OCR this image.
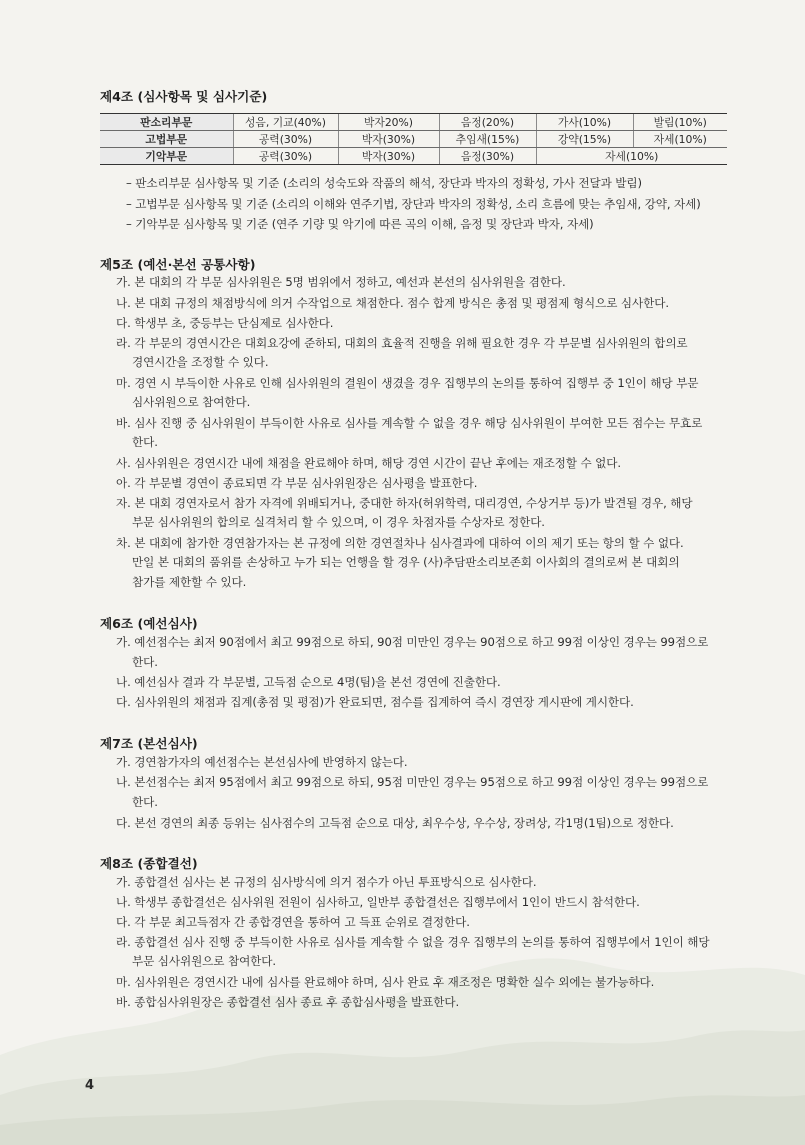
제4조 (심사항목 및 심사기준)
판소리부문	성음, 기교(40%)	박자20%)	음정(20%)	가사(10%)	발림(10%)
고법부문	공력(30%)	박자(30%)	추임새(15%)	강약(15%)	자세(10%)
기악부문	공력(30%)	박자(30%)	음정(30%)	자세(10%)	
– 판소리부문 심사항목 및 기준 (소리의 성숙도와 작품의 해석, 장단과 박자의 정확성, 가사 전달과 발림)
– 고법부문 심사항목 및 기준 (소리의 이해와 연주기법, 장단과 박자의 정확성, 소리 흐름에 맞는 추임새, 강약, 자세)
– 기악부문 심사항목 및 기준 (연주 기량 및 악기에 따른 곡의 이해, 음정 및 장단과 박자, 자세)
제5조 (예선·본선 공통사항)
가. 본 대회의 각 부문 심사위원은 5명 범위에서 정하고, 예선과 본선의 심사위원을 겸한다.
나. 본 대회 규정의 채점방식에 의거 수작업으로 채점한다. 점수 합계 방식은 총점 및 평점제 형식으로 심사한다.
다. 학생부 초, 중등부는 단심제로 심사한다.
라. 각 부문의 경연시간은 대회요강에 준하되, 대회의 효율적 진행을 위해 필요한 경우 각 부문별 심사위원의 합의로
경연시간을 조정할 수 있다.
마. 경연 시 부득이한 사유로 인해 심사위원의 결원이 생겼을 경우 집행부의 논의를 통하여 집행부 중 1인이 해당 부문
심사위원으로 참여한다.
바. 심사 진행 중 심사위원이 부득이한 사유로 심사를 계속할 수 없을 경우 해당 심사위원이 부여한 모든 점수는 무효로
한다.
사. 심사위원은 경연시간 내에 채점을 완료해야 하며, 해당 경연 시간이 끝난 후에는 재조정할 수 없다.
아. 각 부문별 경연이 종료되면 각 부문 심사위원장은 심사평을 발표한다.
자. 본 대회 경연자로서 참가 자격에 위배되거나, 중대한 하자(허위학력, 대리경연, 수상거부 등)가 발견될 경우, 해당
부문 심사위원의 합의로 실격처리 할 수 있으며, 이 경우 차점자를 수상자로 정한다.
차. 본 대회에 참가한 경연참가자는 본 규정에 의한 경연절차나 심사결과에 대하여 이의 제기 또는 항의 할 수 없다.
만일 본 대회의 품위를 손상하고 누가 되는 언행을 할 경우 (사)추담판소리보존회 이사회의 결의로써 본 대회의
참가를 제한할 수 있다.
제6조 (예선심사)
가. 예선점수는 최저 90점에서 최고 99점으로 하되, 90점 미만인 경우는 90점으로 하고 99점 이상인 경우는 99점으로
한다.
나. 예선심사 결과 각 부문별, 고득점 순으로 4명(팀)을 본선 경연에 진출한다.
다. 심사위원의 채점과 집계(총점 및 평점)가 완료되면, 점수를 집계하여 즉시 경연장 게시판에 게시한다.
제7조 (본선심사)
가. 경연참가자의 예선점수는 본선심사에 반영하지 않는다.
나. 본선점수는 최저 95점에서 최고 99점으로 하되, 95점 미만인 경우는 95점으로 하고 99점 이상인 경우는 99점으로
한다.
다. 본선 경연의 최종 등위는 심사점수의 고득점 순으로 대상, 최우수상, 우수상, 장려상, 각1명(1팀)으로 정한다.
제8조 (종합결선)
가. 종합결선 심사는 본 규정의 심사방식에 의거 점수가 아닌 투표방식으로 심사한다.
나. 학생부 종합결선은 심사위원 전원이 심사하고, 일반부 종합결선은 집행부에서 1인이 반드시 참석한다.
다. 각 부문 최고득점자 간 종합경연을 통하여 고 득표 순위로 결정한다.
라. 종합결선 심사 진행 중 부득이한 사유로 심사를 계속할 수 없을 경우 집행부의 논의를 통하여 집행부에서 1인이 해당
부문 심사위원으로 참여한다.
마. 심사위원은 경연시간 내에 심사를 완료해야 하며, 심사 완료 후 재조정은 명확한 실수 외에는 불가능하다.
바. 종합심사위원장은 종합결선 심사 종료 후 종합심사평을 발표한다.
4
